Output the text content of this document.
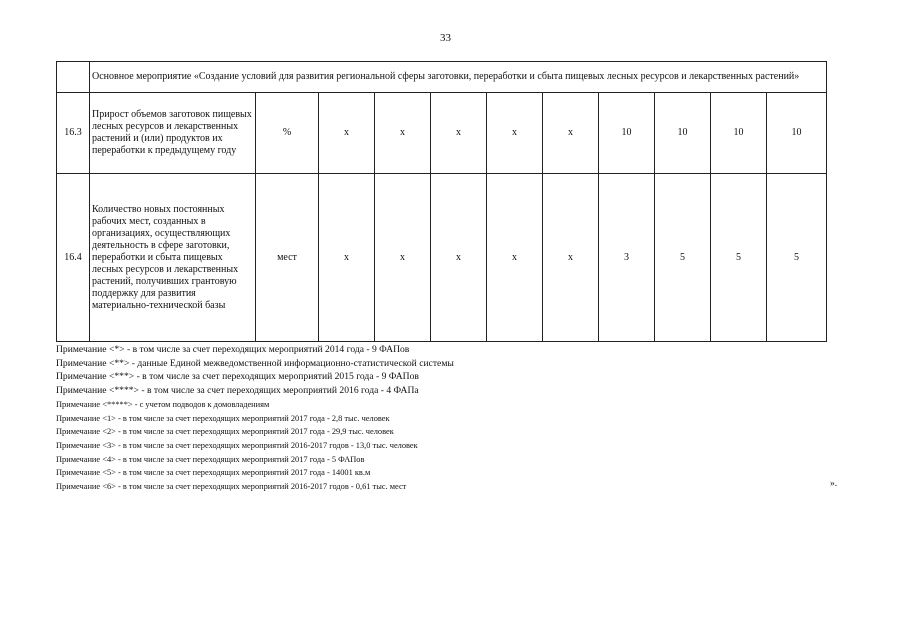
33
	Основное мероприятие «Создание условий для развития региональной сферы заготовки, переработки и сбыта пищевых лесных ресурсов и лекарственных растений»										
16.3	Прирост объемов заготовок пищевых лесных ресурсов и лекарственных растений и (или) продуктов их переработки к предыдущему году	%	x	x	x	x	x	10	10	10	10
16.4	Количество новых постоянных рабочих мест, созданных в организациях, осуществляющих деятельность в сфере заготовки, переработки и сбыта пищевых лесных ресурсов и лекарственных растений, получивших грантовую поддержку для развития материально-технической базы	мест	x	x	x	x	x	3	5	5	5
Примечание <*> - в том числе за счет переходящих мероприятий 2014 года - 9 ФАПов
Примечание <**> - данные Единой межведомственной информационно-статистической системы
Примечание <***> - в том числе за счет переходящих мероприятий 2015 года - 9 ФАПов
Примечание <****> - в том числе за счет переходящих мероприятий 2016 года - 4 ФАПа
Примечание <*****> - с учетом подводов к домовладениям
Примечание <1> - в том числе за счет переходящих мероприятий 2017 года - 2,8 тыс. человек
Примечание <2> - в том числе за счет переходящих мероприятий 2017 года - 29,9 тыс. человек
Примечание <3> - в том числе за счет переходящих мероприятий 2016-2017 годов - 13,0 тыс. человек
Примечание <4> - в том числе за счет переходящих мероприятий 2017 года - 5 ФАПов
Примечание <5> - в том числе за счет переходящих мероприятий 2017 года - 14001 кв.м
Примечание <6> - в том числе за счет переходящих мероприятий 2016-2017 годов - 0,61 тыс. мест	».
